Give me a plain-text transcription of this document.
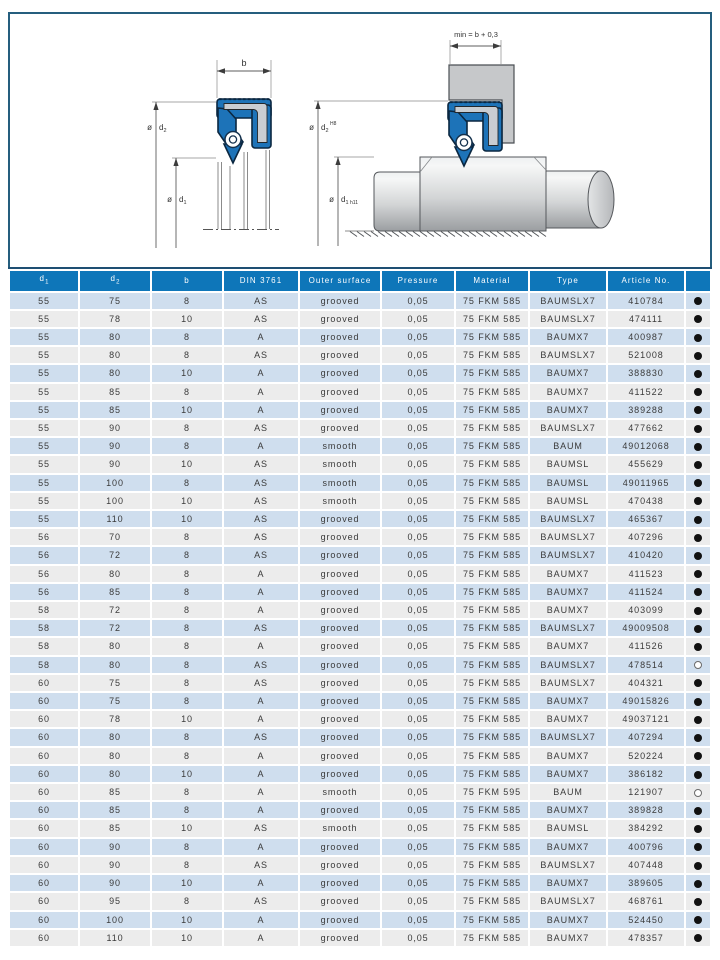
b
ø $d_2$
ø $d_1$
min = b + 0,3
ø $d_2^{H8}$
ø $d_1$ h11
$d_1$	$d_2$	b	DIN 3761	Outer surface	Pressure	Material	Type	Article No.	
55	75	8	AS	grooved	0,05	75 FKM 585	BAUMSLX7	410784	
55	78	10	AS	grooved	0,05	75 FKM 585	BAUMSLX7	474111	
55	80	8	A	grooved	0,05	75 FKM 585	BAUMX7	400987	
55	80	8	AS	grooved	0,05	75 FKM 585	BAUMSLX7	521008	
55	80	10	A	grooved	0,05	75 FKM 585	BAUMX7	388830	
55	85	8	A	grooved	0,05	75 FKM 585	BAUMX7	411522	
55	85	10	A	grooved	0,05	75 FKM 585	BAUMX7	389288	
55	90	8	AS	grooved	0,05	75 FKM 585	BAUMSLX7	477662	
55	90	8	A	smooth	0,05	75 FKM 585	BAUM	49012068	
55	90	10	AS	smooth	0,05	75 FKM 585	BAUMSL	455629	
55	100	8	AS	smooth	0,05	75 FKM 585	BAUMSL	49011965	
55	100	10	AS	smooth	0,05	75 FKM 585	BAUMSL	470438	
55	110	10	AS	grooved	0,05	75 FKM 585	BAUMSLX7	465367	
56	70	8	AS	grooved	0,05	75 FKM 585	BAUMSLX7	407296	
56	72	8	AS	grooved	0,05	75 FKM 585	BAUMSLX7	410420	
56	80	8	A	grooved	0,05	75 FKM 585	BAUMX7	411523	
56	85	8	A	grooved	0,05	75 FKM 585	BAUMX7	411524	
58	72	8	A	grooved	0,05	75 FKM 585	BAUMX7	403099	
58	72	8	AS	grooved	0,05	75 FKM 585	BAUMSLX7	49009508	
58	80	8	A	grooved	0,05	75 FKM 585	BAUMX7	411526	
58	80	8	AS	grooved	0,05	75 FKM 585	BAUMSLX7	478514	
60	75	8	AS	grooved	0,05	75 FKM 585	BAUMSLX7	404321	
60	75	8	A	grooved	0,05	75 FKM 585	BAUMX7	49015826	
60	78	10	A	grooved	0,05	75 FKM 585	BAUMX7	49037121	
60	80	8	AS	grooved	0,05	75 FKM 585	BAUMSLX7	407294	
60	80	8	A	grooved	0,05	75 FKM 585	BAUMX7	520224	
60	80	10	A	grooved	0,05	75 FKM 585	BAUMX7	386182	
60	85	8	A	smooth	0,05	75 FKM 595	BAUM	121907	
60	85	8	A	grooved	0,05	75 FKM 585	BAUMX7	389828	
60	85	10	AS	smooth	0,05	75 FKM 585	BAUMSL	384292	
60	90	8	A	grooved	0,05	75 FKM 585	BAUMX7	400796	
60	90	8	AS	grooved	0,05	75 FKM 585	BAUMSLX7	407448	
60	90	10	A	grooved	0,05	75 FKM 585	BAUMX7	389605	
60	95	8	AS	grooved	0,05	75 FKM 585	BAUMSLX7	468761	
60	100	10	A	grooved	0,05	75 FKM 585	BAUMX7	524450	
60	110	10	A	grooved	0,05	75 FKM 585	BAUMX7	478357	
